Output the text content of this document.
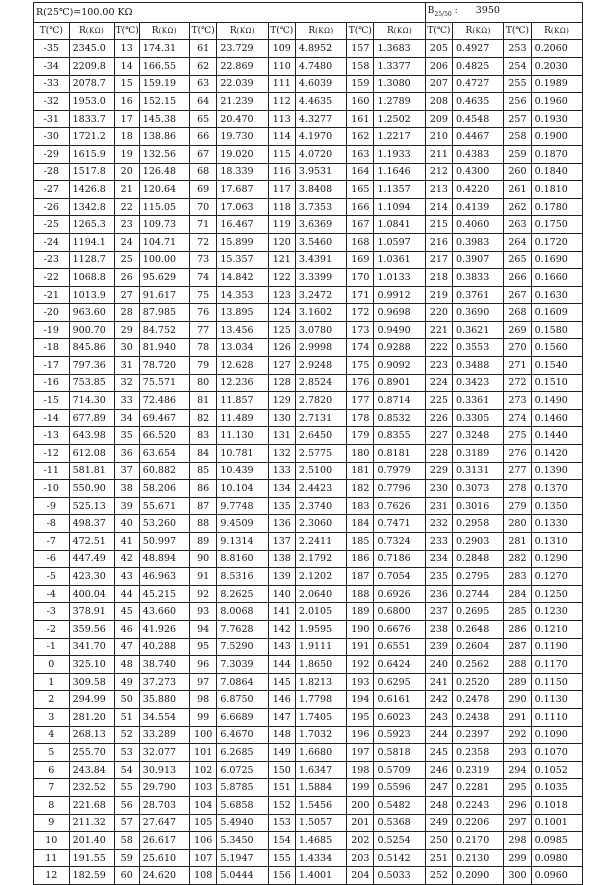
R(25℃)=100.00 KΩ										$B_{25/50}$ : 3950			
T(℃)	R(KΩ)	T(℃)	R(KΩ)	T(℃)	R(KΩ)	T(℃)	R(KΩ)	T(℃)	R(KΩ)	T(℃)	R(KΩ)	T(℃)	R(KΩ)
-35	2345.0	13	174.31	61	23.729	109	4.8952	157	1.3683	205	0.4927	253	0.2060
-34	2209.8	14	166.55	62	22.869	110	4.7480	158	1.3377	206	0.4825	254	0.2030
-33	2078.7	15	159.19	63	22.039	111	4.6039	159	1.3080	207	0.4727	255	0.1989
-32	1953.0	16	152.15	64	21.239	112	4.4635	160	1.2789	208	0.4635	256	0.1960
-31	1833.7	17	145.38	65	20.470	113	4.3277	161	1.2502	209	0.4548	257	0.1930
-30	1721.2	18	138.86	66	19.730	114	4.1970	162	1.2217	210	0.4467	258	0.1900
-29	1615.9	19	132.56	67	19.020	115	4.0720	163	1.1933	211	0.4383	259	0.1870
-28	1517.8	20	126.48	68	18.339	116	3.9531	164	1.1646	212	0.4300	260	0.1840
-27	1426.8	21	120.64	69	17.687	117	3.8408	165	1.1357	213	0.4220	261	0.1810
-26	1342.8	22	115.05	70	17.063	118	3.7353	166	1.1094	214	0.4139	262	0.1780
-25	1265.3	23	109.73	71	16.467	119	3.6369	167	1.0841	215	0.4060	263	0.1750
-24	1194.1	24	104.71	72	15.899	120	3.5460	168	1.0597	216	0.3983	264	0.1720
-23	1128.7	25	100.00	73	15.357	121	3.4391	169	1.0361	217	0.3907	265	0.1690
-22	1068.8	26	95.629	74	14.842	122	3.3399	170	1.0133	218	0.3833	266	0.1660
-21	1013.9	27	91.617	75	14.353	123	3.2472	171	0.9912	219	0.3761	267	0.1630
-20	963.60	28	87.985	76	13.895	124	3.1602	172	0.9698	220	0.3690	268	0.1609
-19	900.70	29	84.752	77	13.456	125	3.0780	173	0.9490	221	0.3621	269	0.1580
-18	845.86	30	81.940	78	13.034	126	2.9998	174	0.9288	222	0.3553	270	0.1560
-17	797.36	31	78.720	79	12.628	127	2.9248	175	0.9092	223	0.3488	271	0.1540
-16	753.85	32	75.571	80	12.236	128	2.8524	176	0.8901	224	0.3423	272	0.1510
-15	714.30	33	72.486	81	11.857	129	2.7820	177	0.8714	225	0.3361	273	0.1490
-14	677.89	34	69.467	82	11.489	130	2.7131	178	0.8532	226	0.3305	274	0.1460
-13	643.98	35	66.520	83	11.130	131	2.6450	179	0.8355	227	0.3248	275	0.1440
-12	612.08	36	63.654	84	10.781	132	2.5775	180	0.8181	228	0.3189	276	0.1420
-11	581.81	37	60.882	85	10.439	133	2.5100	181	0.7979	229	0.3131	277	0.1390
-10	550.90	38	58.206	86	10.104	134	2.4423	182	0.7796	230	0.3073	278	0.1370
-9	525.13	39	55.671	87	9.7748	135	2.3740	183	0.7626	231	0.3016	279	0.1350
-8	498.37	40	53.260	88	9.4509	136	2.3060	184	0.7471	232	0.2958	280	0.1330
-7	472.51	41	50.997	89	9.1314	137	2.2411	185	0.7324	233	0.2903	281	0.1310
-6	447.49	42	48.894	90	8.8160	138	2.1792	186	0.7186	234	0.2848	282	0.1290
-5	423.30	43	46.963	91	8.5316	139	2.1202	187	0.7054	235	0.2795	283	0.1270
-4	400.04	44	45.215	92	8.2625	140	2.0640	188	0.6926	236	0.2744	284	0.1250
-3	378.91	45	43.660	93	8.0068	141	2.0105	189	0.6800	237	0.2695	285	0.1230
-2	359.56	46	41.926	94	7.7628	142	1.9595	190	0.6676	238	0.2648	286	0.1210
-1	341.70	47	40.288	95	7.5290	143	1.9111	191	0.6551	239	0.2604	287	0.1190
0	325.10	48	38.740	96	7.3039	144	1.8650	192	0.6424	240	0.2562	288	0.1170
1	309.58	49	37.273	97	7.0864	145	1.8213	193	0.6295	241	0.2520	289	0.1150
2	294.99	50	35.880	98	6.8750	146	1.7798	194	0.6161	242	0.2478	290	0.1130
3	281.20	51	34.554	99	6.6689	147	1.7405	195	0.6023	243	0.2438	291	0.1110
4	268.13	52	33.289	100	6.4670	148	1.7032	196	0.5923	244	0.2397	292	0.1090
5	255.70	53	32.077	101	6.2685	149	1.6680	197	0.5818	245	0.2358	293	0.1070
6	243.84	54	30.913	102	6.0725	150	1.6347	198	0.5709	246	0.2319	294	0.1052
7	232.52	55	29.790	103	5.8785	151	1.5884	199	0.5596	247	0.2281	295	0.1035
8	221.68	56	28.703	104	5.6858	152	1.5456	200	0.5482	248	0.2243	296	0.1018
9	211.32	57	27.647	105	5.4940	153	1.5057	201	0.5368	249	0.2206	297	0.1001
10	201.40	58	26.617	106	5.3450	154	1.4685	202	0.5254	250	0.2170	298	0.0985
11	191.55	59	25.610	107	5.1947	155	1.4334	203	0.5142	251	0.2130	299	0.0980
12	182.59	60	24.620	108	5.0444	156	1.4001	204	0.5033	252	0.2090	300	0.0960
